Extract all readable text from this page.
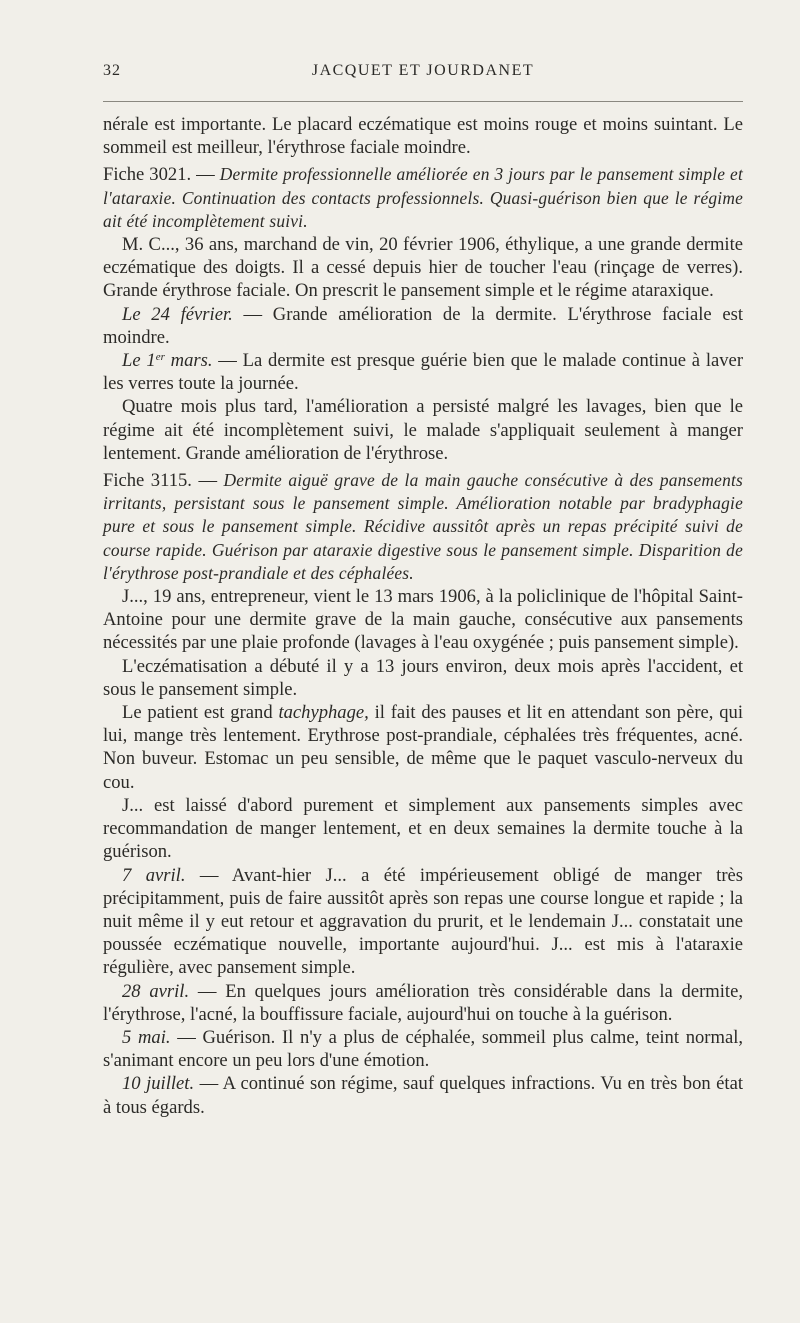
32	JACQUET ET JOURDANET

nérale est importante. Le placard eczématique est moins rouge et moins suintant. Le sommeil est meilleur, l'érythrose faciale moindre.

Fiche 3021. — Dermite professionnelle améliorée en 3 jours par le pansement simple et l'ataraxie. Continuation des contacts professionnels. Quasi-guérison bien que le régime ait été incomplètement suivi.

M. C..., 36 ans, marchand de vin, 20 février 1906, éthylique, a une grande dermite eczématique des doigts. Il a cessé depuis hier de toucher l'eau (rinçage de verres). Grande érythrose faciale. On prescrit le pansement simple et le régime ataraxique.

Le 24 février. — Grande amélioration de la dermite. L'érythrose faciale est moindre.

Le 1er mars. — La dermite est presque guérie bien que le malade continue à laver les verres toute la journée.

Quatre mois plus tard, l'amélioration a persisté malgré les lavages, bien que le régime ait été incomplètement suivi, le malade s'appliquait seulement à manger lentement. Grande amélioration de l'érythrose.

Fiche 3115. — Dermite aiguë grave de la main gauche consécutive à des pansements irritants, persistant sous le pansement simple. Amélioration notable par bradyphagie pure et sous le pansement simple. Récidive aussitôt après un repas précipité suivi de course rapide. Guérison par ataraxie digestive sous le pansement simple. Disparition de l'érythrose post-prandiale et des céphalées.

J..., 19 ans, entrepreneur, vient le 13 mars 1906, à la policlinique de l'hôpital Saint-Antoine pour une dermite grave de la main gauche, consécutive aux pansements nécessités par une plaie profonde (lavages à l'eau oxygénée ; puis pansement simple).

L'eczématisation a débuté il y a 13 jours environ, deux mois après l'accident, et sous le pansement simple.

Le patient est grand tachyphage, il fait des pauses et lit en attendant son père, qui lui, mange très lentement. Erythrose post-prandiale, céphalées très fréquentes, acné. Non buveur. Estomac un peu sensible, de même que le paquet vasculo-nerveux du cou.

J... est laissé d'abord purement et simplement aux pansements simples avec recommandation de manger lentement, et en deux semaines la dermite touche à la guérison.

7 avril. — Avant-hier J... a été impérieusement obligé de manger très précipitamment, puis de faire aussitôt après son repas une course longue et rapide ; la nuit même il y eut retour et aggravation du prurit, et le lendemain J... constatait une poussée eczématique nouvelle, importante aujourd'hui. J... est mis à l'ataraxie régulière, avec pansement simple.

28 avril. — En quelques jours amélioration très considérable dans la dermite, l'érythrose, l'acné, la bouffissure faciale, aujourd'hui on touche à la guérison.

5 mai. — Guérison. Il n'y a plus de céphalée, sommeil plus calme, teint normal, s'animant encore un peu lors d'une émotion.

10 juillet. — A continué son régime, sauf quelques infractions. Vu en très bon état à tous égards.
